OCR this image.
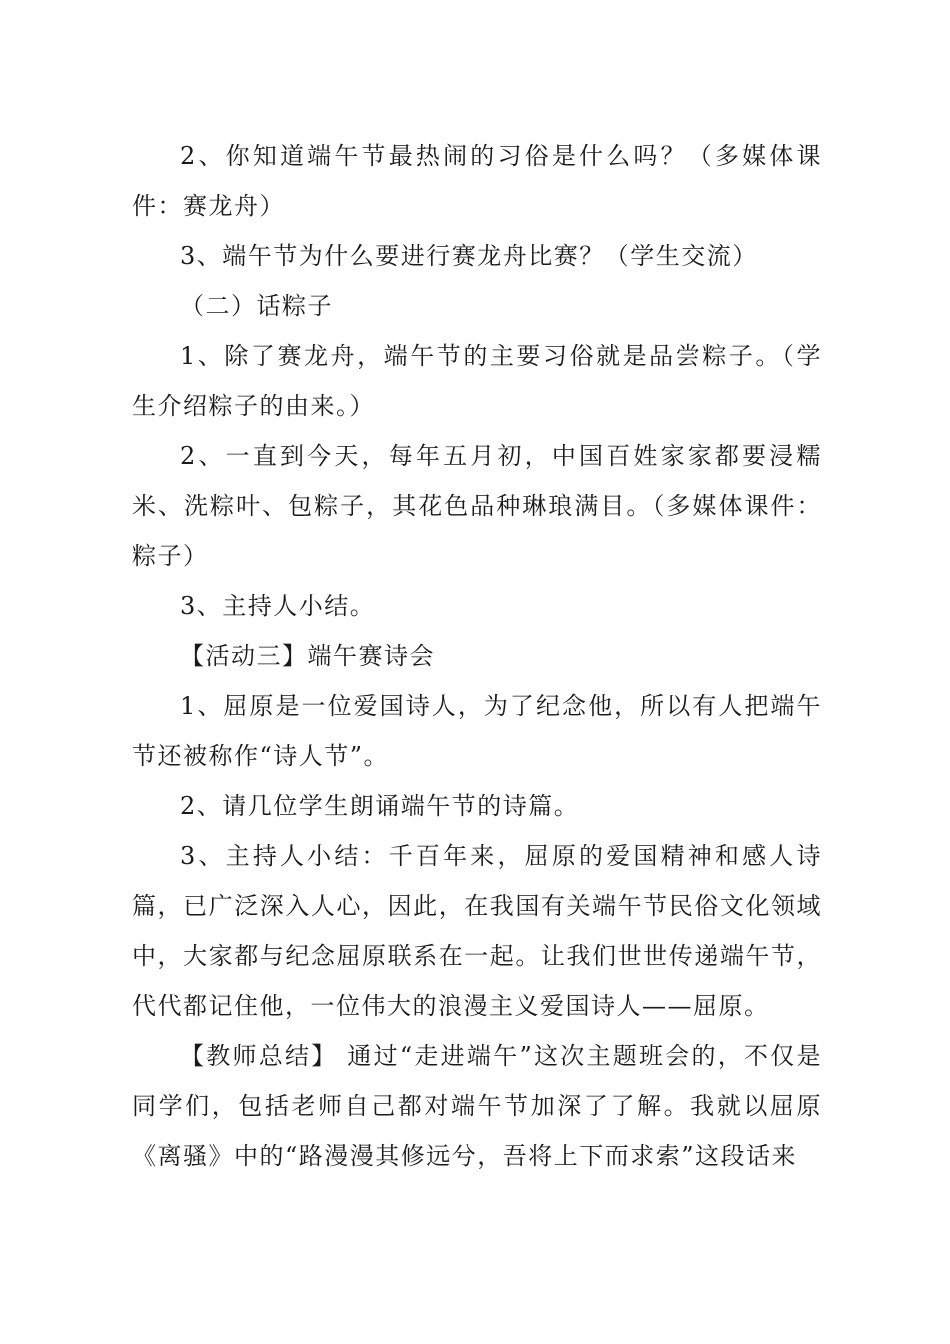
2、你知道端午节最热闹的习俗是什么吗？（多媒体课件：赛龙舟）

3、端午节为什么要进行赛龙舟比赛？（学生交流）

（二）话粽子

1、除了赛龙舟，端午节的主要习俗就是品尝粽子。（学生介绍粽子的由来。）

2、一直到今天，每年五月初，中国百姓家家都要浸糯米、洗粽叶、包粽子，其花色品种琳琅满目。（多媒体课件：粽子）

3、主持人小结。

【活动三】端午赛诗会

1、屈原是一位爱国诗人，为了纪念他，所以有人把端午节还被称作“诗人节”。

2、请几位学生朗诵端午节的诗篇。

3、主持人小结：千百年来，屈原的爱国精神和感人诗篇，已广泛深入人心，因此，在我国有关端午节民俗文化领域中，大家都与纪念屈原联系在一起。让我们世世传递端午节，代代都记住他，一位伟大的浪漫主义爱国诗人——屈原。

【教师总结】 通过“走进端午”这次主题班会的，不仅是同学们，包括老师自己都对端午节加深了了解。我就以屈原《离骚》中的“路漫漫其修远兮，吾将上下而求索”这段话来
